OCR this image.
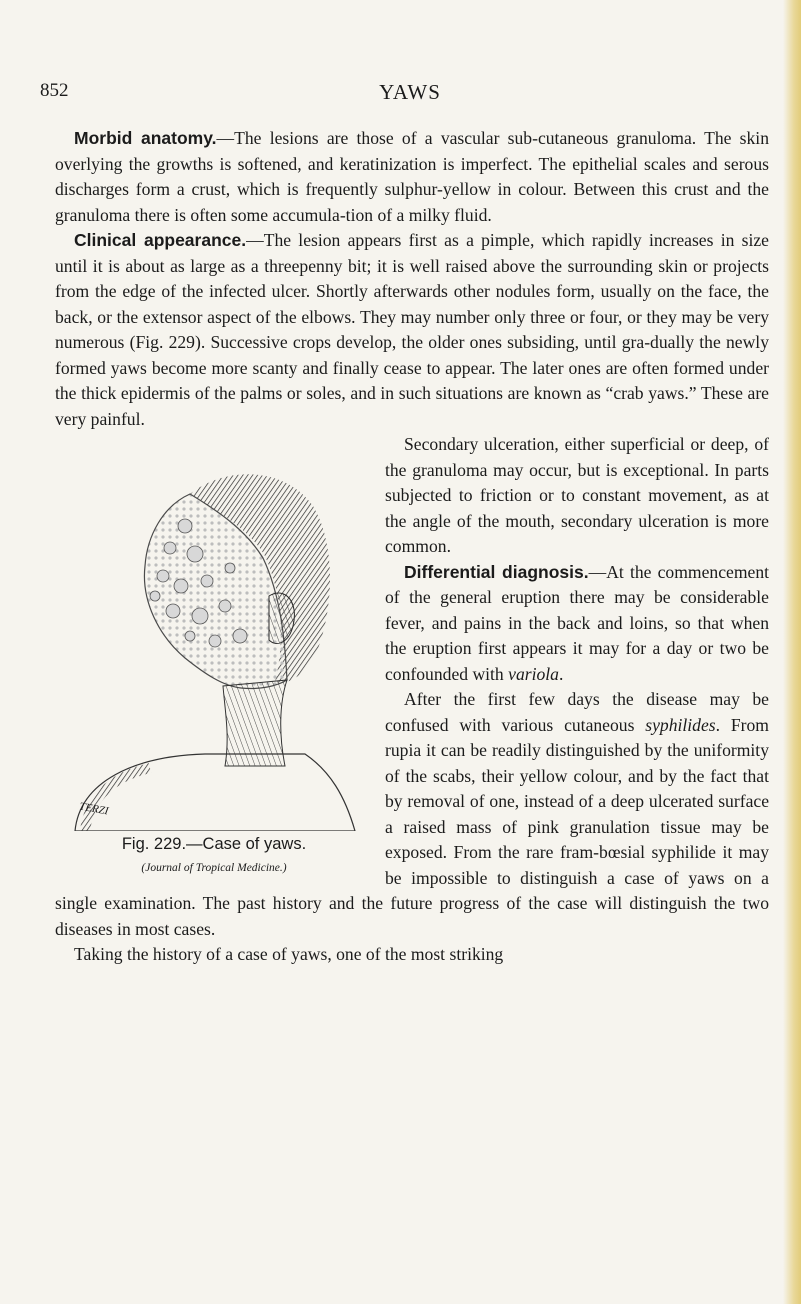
852	YAWS

Morbid anatomy.—The lesions are those of a vascular sub-cutaneous granuloma. The skin overlying the growths is softened, and keratinization is imperfect. The epithelial scales and serous discharges form a crust, which is frequently sulphur-yellow in colour. Between this crust and the granuloma there is often some accumula-tion of a milky fluid.

Clinical appearance.—The lesion appears first as a pimple, which rapidly increases in size until it is about as large as a threepenny bit; it is well raised above the surrounding skin or projects from the edge of the infected ulcer. Shortly afterwards other nodules form, usually on the face, the back, or the extensor aspect of the elbows. They may number only three or four, or they may be very numerous (Fig. 229). Successive crops develop, the older ones subsiding, until gra-dually the newly formed yaws become more scanty and finally cease to appear. The later ones are often formed under the thick epidermis of the palms or soles, and in such situations are known as “crab yaws.” These are very painful.

TERZI
Fig. 229.—Case of yaws.
(Journal of Tropical Medicine.)

Secondary ulceration, either superficial or deep, of the granuloma may occur, but is exceptional. In parts subjected to friction or to constant movement, as at the angle of the mouth, secondary ulceration is more common.

Differential diagnosis.—At the commencement of the general eruption there may be considerable fever, and pains in the back and loins, so that when the eruption first appears it may for a day or two be confounded with variola.

After the first few days the disease may be confused with various cutaneous syphilides. From rupia it can be readily distinguished by the uniformity of the scabs, their yellow colour, and by the fact that by removal of one, instead of a deep ulcerated surface a raised mass of pink granulation tissue may be exposed. From the rare fram-bœsial syphilide it may be impossible to distinguish a case of yaws on a single examination. The past history and the future progress of the case will distinguish the two diseases in most cases.

Taking the history of a case of yaws, one of the most striking
